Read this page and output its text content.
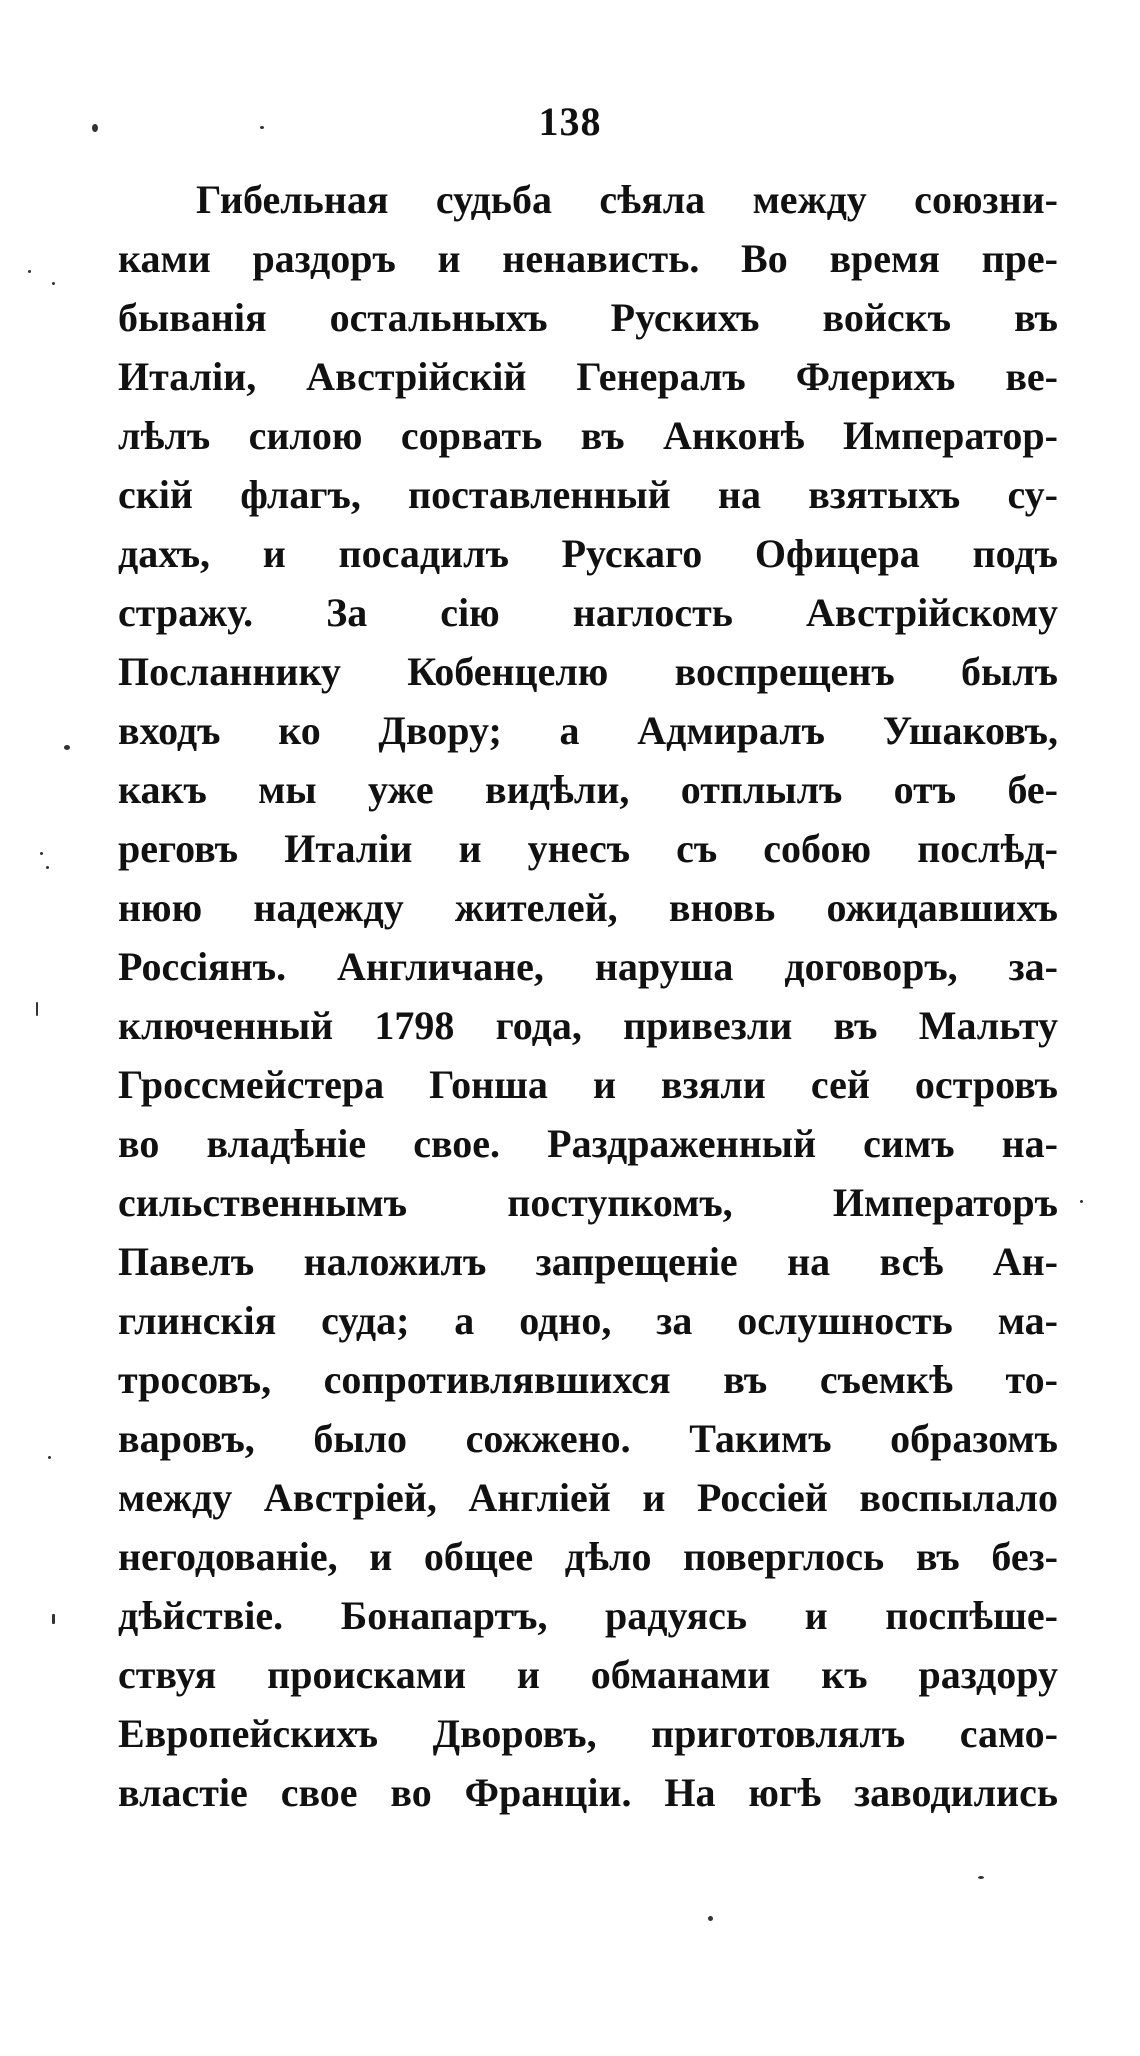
138
Гибельная судьба сѣяла между союзни-
ками раздоръ и ненависть. Во время пре-
быванія остальныхъ Рускихъ войскъ въ
Италіи, Австрійскій Генералъ Флерихъ ве-
лѣлъ силою сорвать въ Анконѣ Император-
скій флагъ, поставленный на взятыхъ су-
дахъ, и посадилъ Рускаго Офицера подъ
стражу. За сію наглость Австрійскому
Посланнику Кобенцелю воспрещенъ былъ
входъ ко Двору; а Адмиралъ Ушаковъ,
какъ мы уже видѣли, отплылъ отъ бе-
реговъ Италіи и унесъ съ собою послѣд-
нюю надежду жителей, вновь ожидавшихъ
Россіянъ. Англичане, наруша договоръ, за-
ключенный 1798 года, привезли въ Мальту
Гроссмейстера Гонша и взяли сей островъ
во владѣніе свое. Раздраженный симъ на-
сильственнымъ поступкомъ, Императоръ
Павелъ наложилъ запрещеніе на всѣ Ан-
глинскія суда; а одно, за ослушность ма-
тросовъ, сопротивлявшихся въ съемкѣ то-
варовъ, было сожжено. Такимъ образомъ
между Австріей, Англіей и Россіей воспылало
негодованіе, и общее дѣло поверглось въ без-
дѣйствіе. Бонапартъ, радуясь и поспѣше-
ствуя происками и обманами къ раздору
Европейскихъ Дворовъ, приготовлялъ само-
властіе свое во Франціи. На югѣ заводились
